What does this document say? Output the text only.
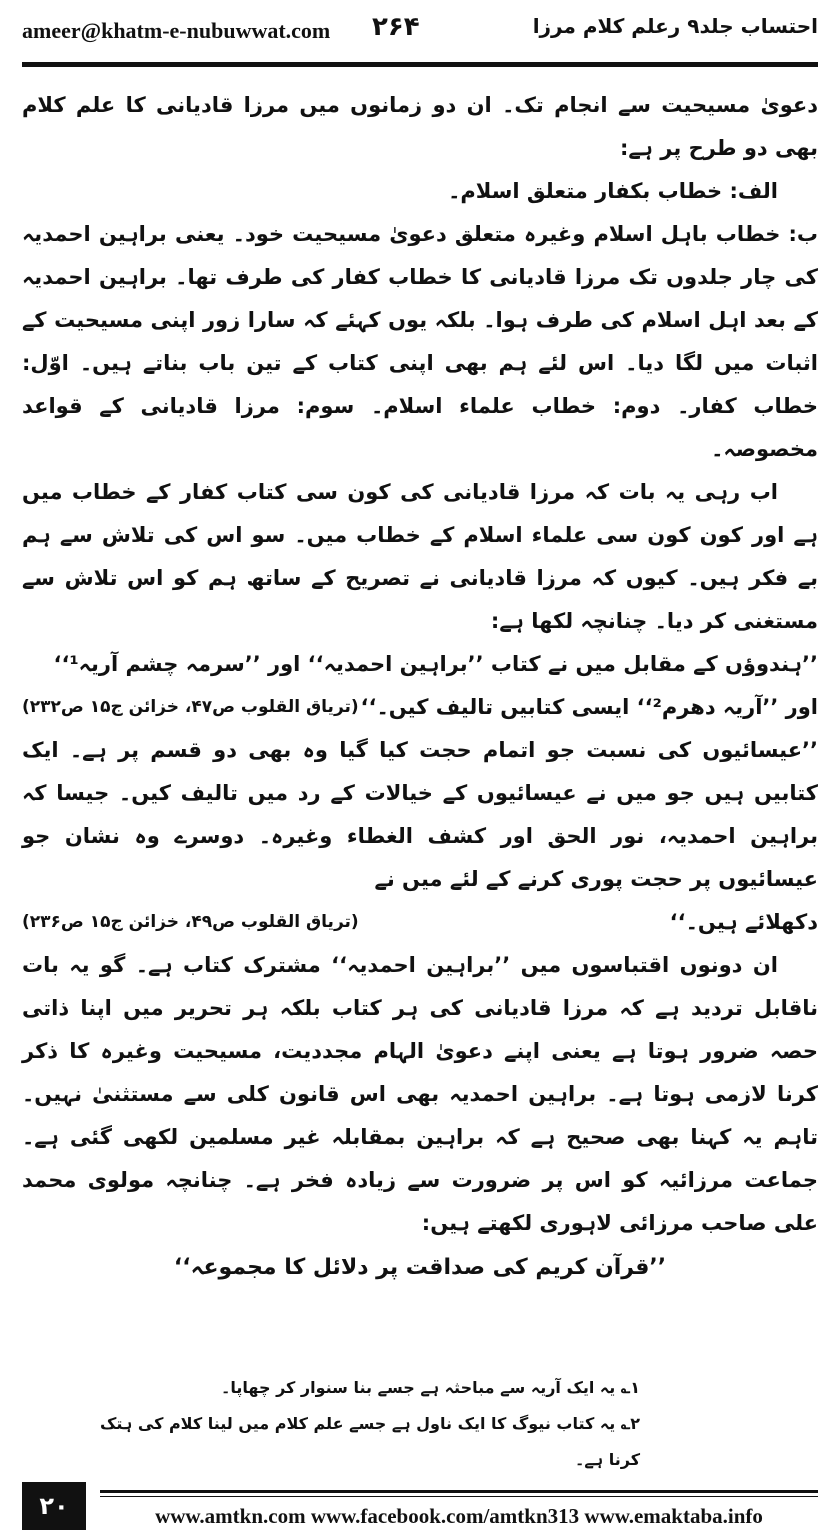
ameer@khatm-e-nubuwwat.com ۲۶۴	احتساب جلد۹ رعلم کلام مرزا

دعویٰ مسیحیت سے انجام تک۔ ان دو زمانوں میں مرزا قادیانی کا علم کلام بھی دو طرح پر ہے:

الف: خطاب بکفار متعلق اسلام۔

ب: خطاب باہل اسلام وغیرہ متعلق دعویٰ مسیحیت خود۔ یعنی براہین احمدیہ کی چار جلدوں تک مرزا قادیانی کا خطاب کفار کی طرف تھا۔ براہین احمدیہ کے بعد اہل اسلام کی طرف ہوا۔ بلکہ یوں کہئے کہ سارا زور اپنی مسیحیت کے اثبات میں لگا دیا۔ اس لئے ہم بھی اپنی کتاب کے تین باب بناتے ہیں۔ اوّل: خطاب کفار۔ دوم: خطاب علماء اسلام۔ سوم: مرزا قادیانی کے قواعد مخصوصہ۔

اب رہی یہ بات کہ مرزا قادیانی کی کون سی کتاب کفار کے خطاب میں ہے اور کون کون سی علماء اسلام کے خطاب میں۔ سو اس کی تلاش سے ہم بے فکر ہیں۔ کیوں کہ مرزا قادیانی نے تصریح کے ساتھ ہم کو اس تلاش سے مستغنی کر دیا۔ چنانچہ لکھا ہے:

’’ہندوؤں کے مقابل میں نے کتاب ’’براہین احمدیہ‘‘ اور ’’سرمہ چشم آریہ¹‘‘

اور ’’آریہ دھرم²‘‘ ایسی کتابیں تالیف کیں۔‘‘
(تریاق القلوب ص۴۷، خزائن ج۱۵ ص۲۳۲)

’’عیسائیوں کی نسبت جو اتمام حجت کیا گیا وہ بھی دو قسم پر ہے۔ ایک کتابیں ہیں جو میں نے عیسائیوں کے خیالات کے رد میں تالیف کیں۔ جیسا کہ براہین احمدیہ، نور الحق اور کشف الغطاء وغیرہ۔ دوسرے وہ نشان جو عیسائیوں پر حجت پوری کرنے کے لئے میں نے

دکھلائے ہیں۔‘‘
(تریاق القلوب ص۴۹، خزائن ج۱۵ ص۲۳۶)

ان دونوں اقتباسوں میں ’’براہین احمدیہ‘‘ مشترک کتاب ہے۔ گو یہ بات ناقابل تردید ہے کہ مرزا قادیانی کی ہر کتاب بلکہ ہر تحریر میں اپنا ذاتی حصہ ضرور ہوتا ہے یعنی اپنے دعویٰ الہام مجددیت، مسیحیت وغیرہ کا ذکر کرنا لازمی ہوتا ہے۔ براہین احمدیہ بھی اس قانون کلی سے مستثنیٰ نہیں۔ تاہم یہ کہنا بھی صحیح ہے کہ براہین بمقابلہ غیر مسلمین لکھی گئی ہے۔ جماعت مرزائیہ کو اس پر ضرورت سے زیادہ فخر ہے۔ چنانچہ مولوی محمد علی صاحب مرزائی لاہوری لکھتے ہیں:

’’قرآن کریم کی صداقت پر دلائل کا مجموعہ‘‘

۱؎ یہ ایک آریہ سے مباحثہ ہے جسے بنا سنوار کر چھاپا۔

۲؎ یہ کتاب نیوگ کا ایک ناول ہے جسے علم کلام میں لینا کلام کی ہتک کرنا ہے۔

۲۰	www.amtkn.com www.facebook.com/amtkn313 www.emaktaba.info
